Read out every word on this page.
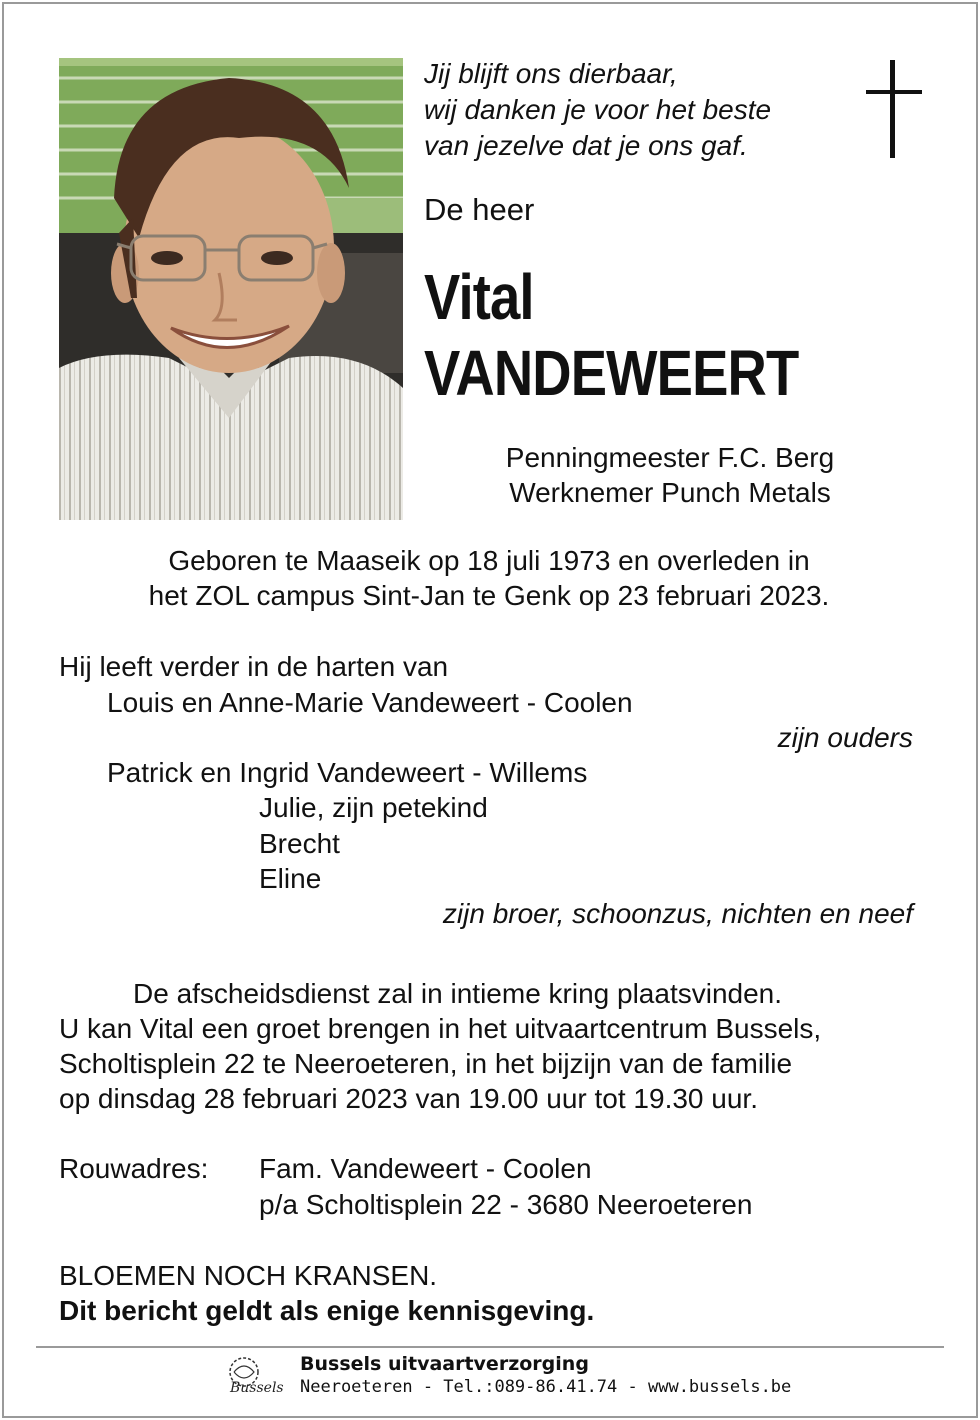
Jij blijft ons dierbaar,
wij danken je voor het beste
van jezelve dat je ons gaf.
De heer
Vital
VANDEWEERT
Penningmeester F.C. Berg
Werknemer Punch Metals
Geboren te Maaseik op 18 juli 1973 en overleden in
het ZOL campus Sint-Jan te Genk op 23 februari 2023.
Hij leeft verder in de harten van
Louis en Anne-Marie Vandeweert - Coolen
zijn ouders
Patrick en Ingrid Vandeweert - Willems
Julie, zijn petekind
Brecht
Eline
zijn broer, schoonzus, nichten en neef
De afscheidsdienst zal in intieme kring plaatsvinden.
U kan Vital een groet brengen in het uitvaartcentrum Bussels,
Scholtisplein 22 te Neeroeteren, in het bijzijn van de familie
op dinsdag 28 februari 2023 van 19.00 uur tot 19.30 uur.
Rouwadres: Fam. Vandeweert - Coolen
p/a Scholtisplein 22 - 3680 Neeroeteren
BLOEMEN NOCH KRANSEN.
Dit bericht geldt als enige kennisgeving.
Bussels
Bussels uitvaartverzorging
Neeroeteren - Tel.:089-86.41.74 - www.bussels.be
